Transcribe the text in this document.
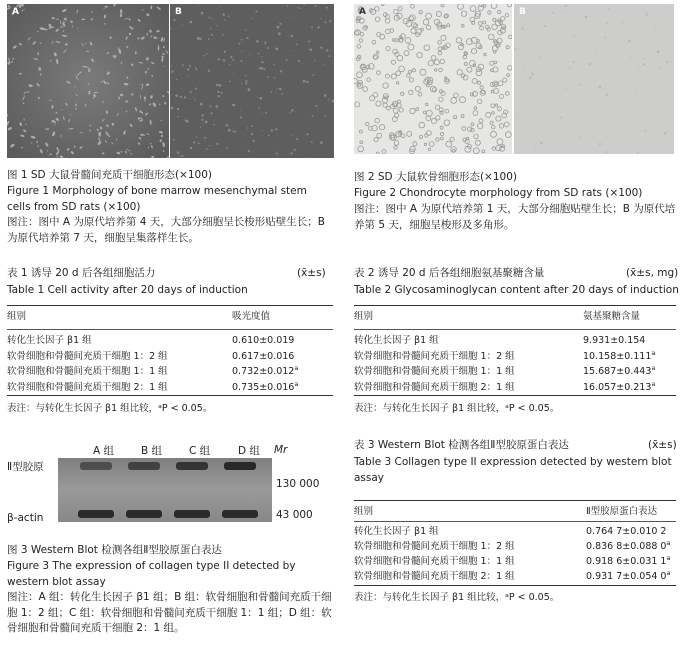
A	B
图 1 SD 大鼠骨髓间充质干细胞形态(×100)
Figure 1 Morphology of bone marrow mesenchymal stem cells from SD rats (×100)
图注：图中 A 为原代培养第 4 天，大部分细胞呈长梭形贴壁生长；B 为原代培养第 7 天，细胞呈集落样生长。
A	B
图 2 SD 大鼠软骨细胞形态(×100)
Figure 2 Chondrocyte morphology from SD rats (×100)
图注：图中 A 为原代培养第 1 天，大部分细胞贴壁生长；B 为原代培养第 5 天，细胞呈梭形及多角形。
表 1 诱导 20 d 后各组细胞活力	(x̄±s)
Table 1 Cell activity after 20 days of induction
组别	吸光度值
转化生长因子 β1 组	0.610±0.019
软骨细胞和骨髓间充质干细胞 1：2 组	0.617±0.016
软骨细胞和骨髓间充质干细胞 1：1 组	0.732±0.012$^a$
软骨细胞和骨髓间充质干细胞 2：1 组	0.735±0.016$^a$
表注：与转化生长因子 β1 组比较，ᵃP < 0.05。
表 2 诱导 20 d 后各组细胞氨基聚糖含量	(x̄±s, mg)
Table 2 Glycosaminoglycan content after 20 days of induction
组别	氨基聚糖含量
转化生长因子 β1 组	9.931±0.154
软骨细胞和骨髓间充质干细胞 1：2 组	10.158±0.111$^a$
软骨细胞和骨髓间充质干细胞 1：1 组	15.687±0.443$^a$
软骨细胞和骨髓间充质干细胞 2：1 组	16.057±0.213$^a$
表注：与转化生长因子 β1 组比较，ᵃP < 0.05。
A 组	B 组	C 组	D 组 Mr
Ⅱ型胶原
β-actin
130 000
43 000
图 3 Western Blot 检测各组Ⅱ型胶原蛋白表达
Figure 3 The expression of collagen type II detected by western blot assay
图注：A 组：转化生长因子 β1 组；B 组：软骨细胞和骨髓间充质干细胞 1：2 组；C 组：软骨细胞和骨髓间充质干细胞 1：1 组；D 组：软骨细胞和骨髓间充质干细胞 2：1 组。
表 3 Western Blot 检测各组Ⅱ型胶原蛋白表达	(x̄±s)
Table 3 Collagen type II expression detected by western blot assay
组别	Ⅱ型胶原蛋白表达
转化生长因子 β1 组	0.764 7±0.010 2
软骨细胞和骨髓间充质干细胞 1：2 组	0.836 8±0.088 0$^a$
软骨细胞和骨髓间充质干细胞 1：1 组	0.918 6±0.031 1$^a$
软骨细胞和骨髓间充质干细胞 2：1 组	0.931 7±0.054 0$^a$
表注：与转化生长因子 β1 组比较，ᵃP < 0.05。
